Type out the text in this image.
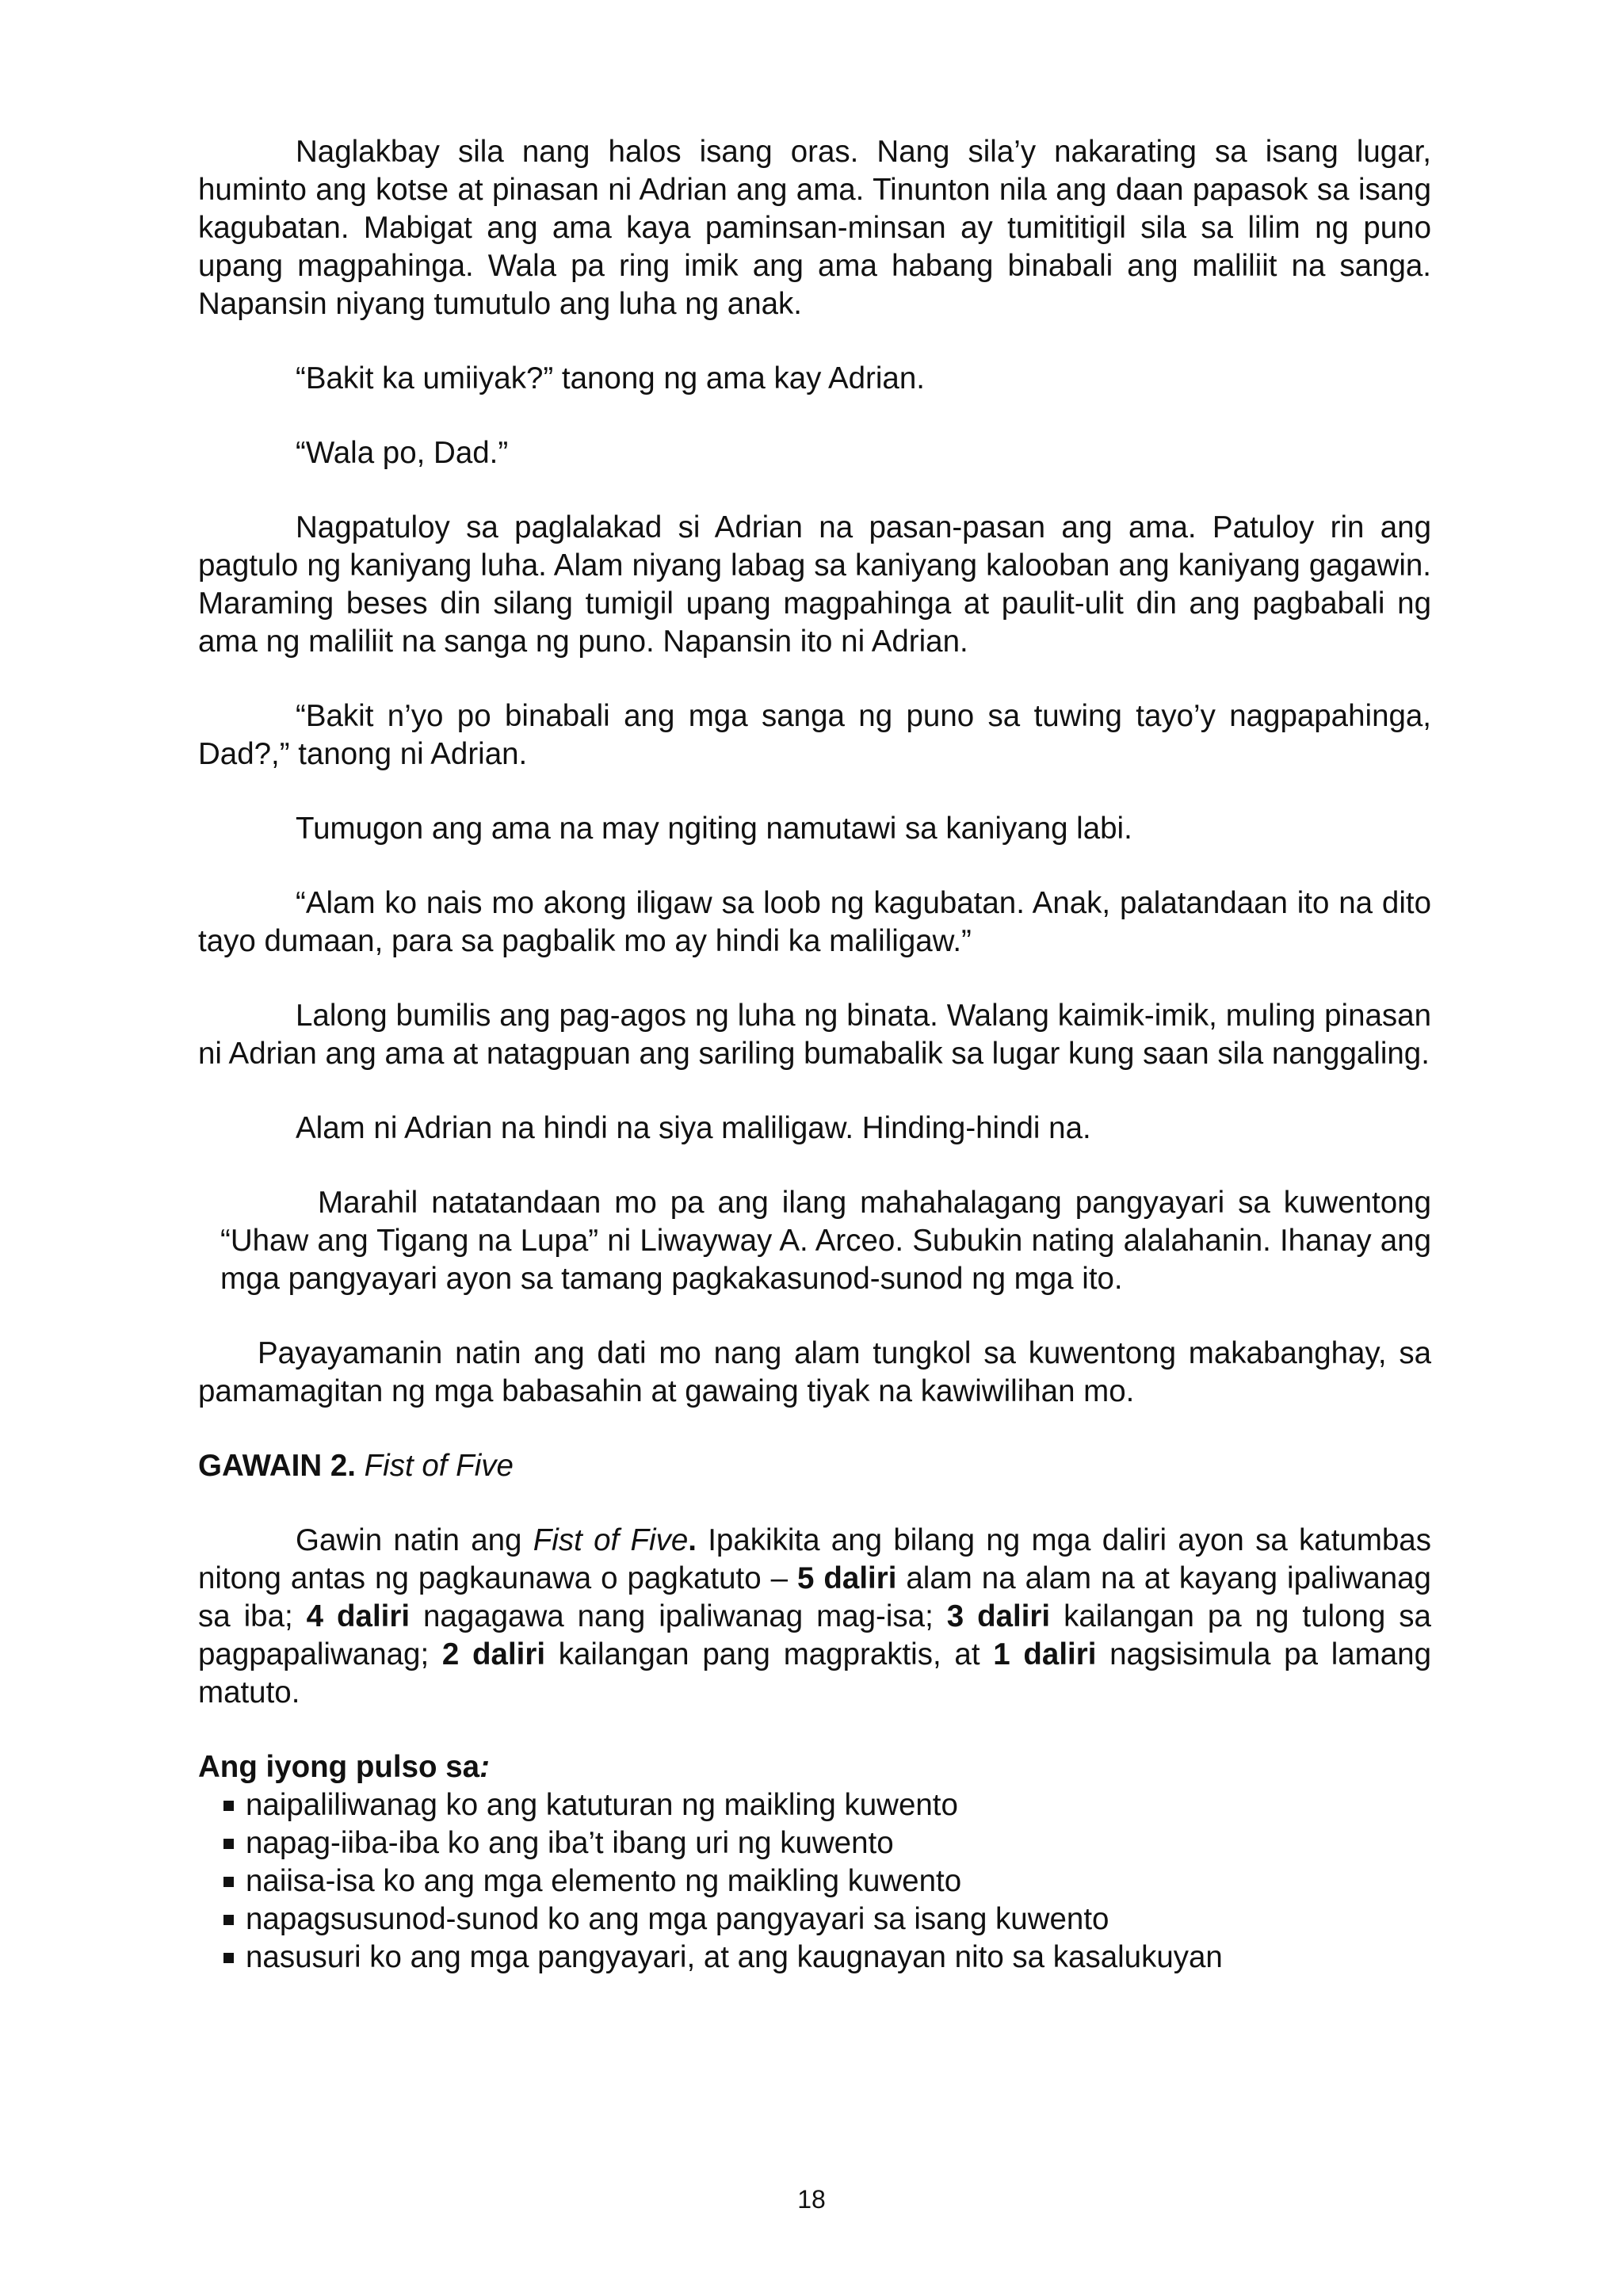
Naglakbay sila nang halos isang oras. Nang sila’y nakarating sa isang lugar, huminto ang kotse at pinasan ni Adrian ang ama. Tinunton nila ang daan papasok sa isang kagubatan. Mabigat ang ama kaya paminsan-minsan ay tumititigil sila sa lilim ng puno upang magpahinga. Wala pa ring imik ang ama habang binabali ang maliliit na sanga. Napansin niyang tumutulo ang luha ng anak.

“Bakit ka umiiyak?” tanong ng ama kay Adrian.

“Wala po, Dad.”

Nagpatuloy sa paglalakad si Adrian na pasan-pasan ang ama. Patuloy rin ang pagtulo ng kaniyang luha. Alam niyang labag sa kaniyang kalooban ang kaniyang gagawin. Maraming beses din silang tumigil upang magpahinga at paulit-ulit din ang pagbabali ng ama ng maliliit na sanga ng puno. Napansin ito ni Adrian.

“Bakit n’yo po binabali ang mga sanga ng puno sa tuwing tayo’y nagpapahinga, Dad?,” tanong ni Adrian.

Tumugon ang ama na may ngiting namutawi sa kaniyang labi.

“Alam ko nais mo akong iligaw sa loob ng kagubatan. Anak, palatandaan ito na dito tayo dumaan, para sa pagbalik mo ay hindi ka maliligaw.”

Lalong bumilis ang pag-agos ng luha ng binata. Walang kaimik-imik, muling pinasan ni Adrian ang ama at natagpuan ang sariling bumabalik sa lugar kung saan sila nanggaling.

Alam ni Adrian na hindi na siya maliligaw. Hinding-hindi na.

Marahil natatandaan mo pa ang ilang mahahalagang pangyayari sa kuwentong “Uhaw ang Tigang na Lupa” ni Liwayway A. Arceo. Subukin nating alalahanin. Ihanay ang mga pangyayari ayon sa tamang pagkakasunod-sunod ng mga ito.

Payayamanin natin ang dati mo nang alam tungkol sa kuwentong makabanghay, sa pamamagitan ng mga babasahin at gawaing tiyak na kawiwilihan mo.

GAWAIN 2. Fist of Five

Gawin natin ang Fist of Five. Ipakikita ang bilang ng mga daliri ayon sa katumbas nitong antas ng pagkaunawa o pagkatuto – 5 daliri alam na alam na at kayang ipaliwanag sa iba; 4 daliri nagagawa nang ipaliwanag mag-isa; 3 daliri kailangan pa ng tulong sa pagpapaliwanag; 2 daliri kailangan pang magpraktis, at 1 daliri nagsisimula pa lamang matuto.

Ang iyong pulso sa:
naipaliliwanag ko ang katuturan ng maikling kuwento
napag-iiba-iba ko ang iba’t ibang uri ng kuwento
naiisa-isa ko ang mga elemento ng maikling kuwento
napagsusunod-sunod ko ang mga pangyayari sa isang kuwento
nasusuri ko ang mga pangyayari, at ang kaugnayan nito sa kasalukuyan
18
